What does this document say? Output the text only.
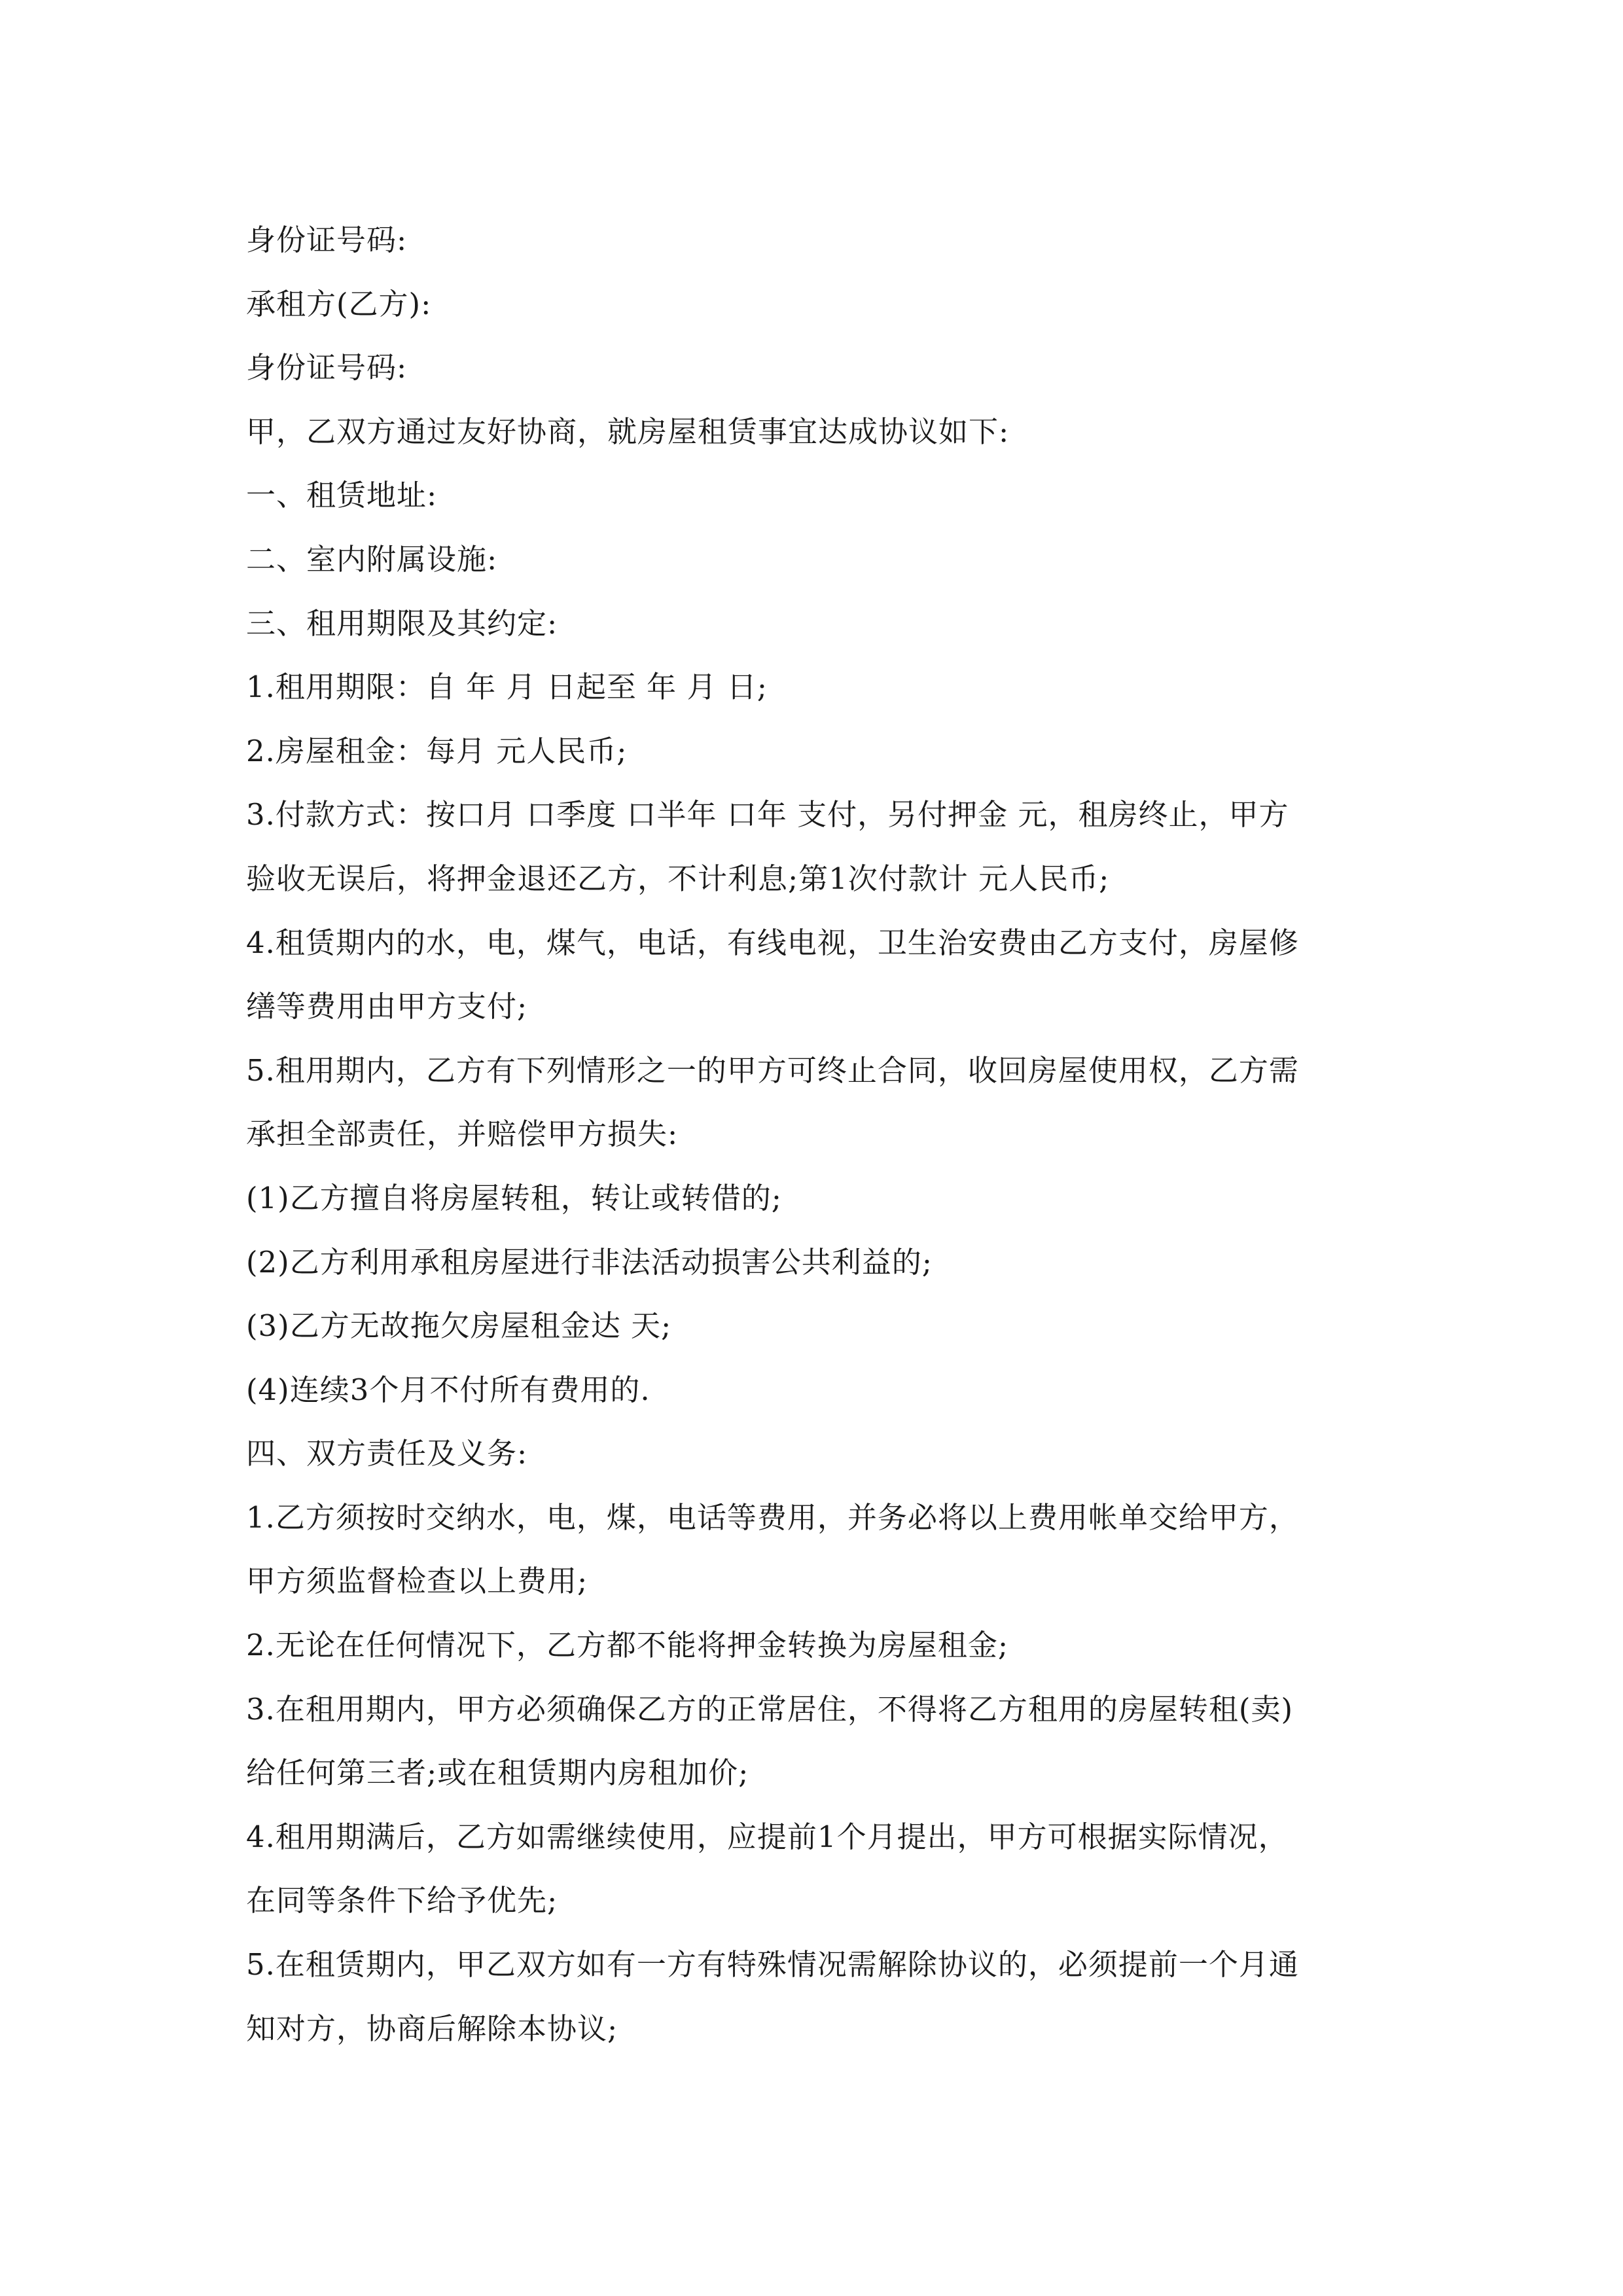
身份证号码:
承租方(乙方):
身份证号码:
甲，乙双方通过友好协商，就房屋租赁事宜达成协议如下:
一、租赁地址:
二、室内附属设施:
三、租用期限及其约定:
1.租用期限：自 年 月 日起至 年 月 日;
2.房屋租金：每月 元人民币;
3.付款方式：按口月 口季度 口半年 口年 支付，另付押金 元，租房终止，甲方
验收无误后，将押金退还乙方，不计利息;第1次付款计 元人民币;
4.租赁期内的水，电，煤气，电话，有线电视，卫生治安费由乙方支付，房屋修
缮等费用由甲方支付;
5.租用期内，乙方有下列情形之一的甲方可终止合同，收回房屋使用权，乙方需
承担全部责任，并赔偿甲方损失:
(1)乙方擅自将房屋转租，转让或转借的;
(2)乙方利用承租房屋进行非法活动损害公共利益的;
(3)乙方无故拖欠房屋租金达 天;
(4)连续3个月不付所有费用的.
四、双方责任及义务:
1.乙方须按时交纳水，电，煤，电话等费用，并务必将以上费用帐单交给甲方，
甲方须监督检查以上费用;
2.无论在任何情况下，乙方都不能将押金转换为房屋租金;
3.在租用期内，甲方必须确保乙方的正常居住，不得将乙方租用的房屋转租(卖)
给任何第三者;或在租赁期内房租加价;
4.租用期满后，乙方如需继续使用，应提前1个月提出，甲方可根据实际情况，
在同等条件下给予优先;
5.在租赁期内，甲乙双方如有一方有特殊情况需解除协议的，必须提前一个月通
知对方，协商后解除本协议;
